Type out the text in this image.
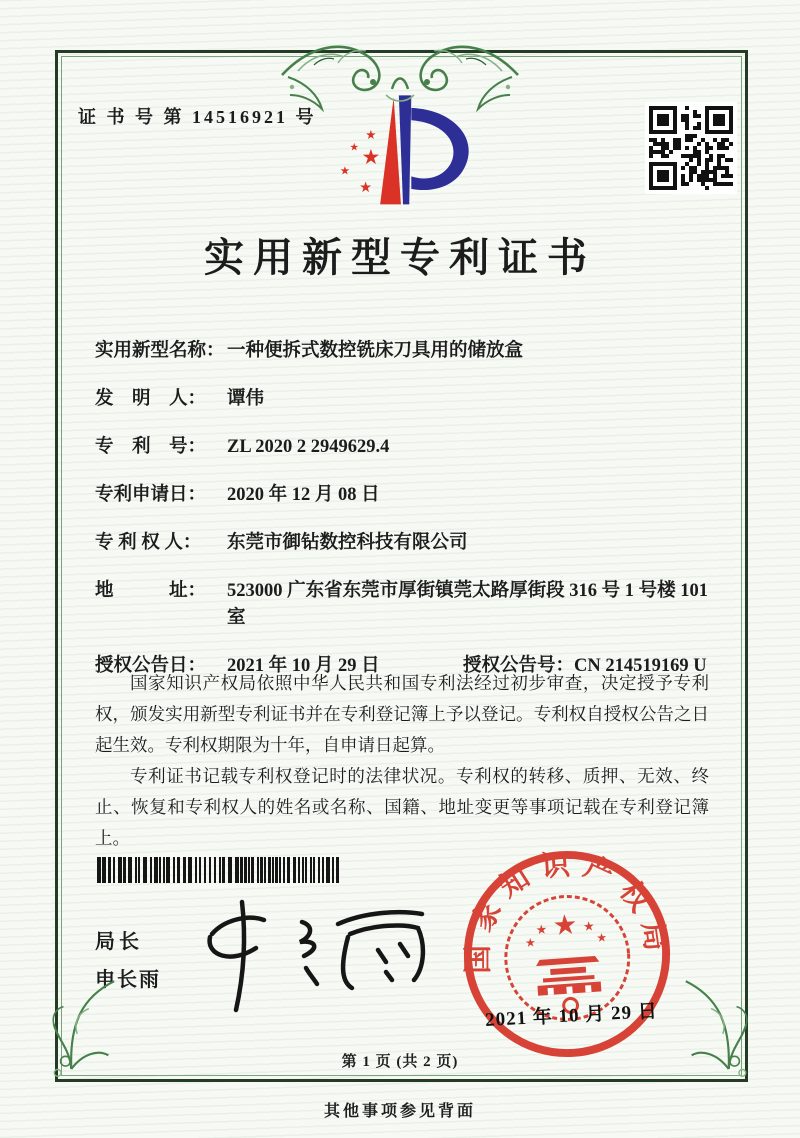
证 书 号 第 14516921 号
★
★ ★
★
★
实用新型专利证书
实用新型名称： 一种便拆式数控铣床刀具用的储放盒
发　明　人：	谭伟
专　利　号：	ZL 2020 2 2949629.4
专利申请日：	2020 年 12 月 08 日
专 利 权 人：	东莞市御钻数控科技有限公司
地　　　址：	523000 广东省东莞市厚街镇莞太路厚街段 316 号 1 号楼 101 室
授权公告日：	2021 年 10 月 29 日	授权公告号： CN 214519169 U

国家知识产权局依照中华人民共和国专利法经过初步审查，决定授予专利权，颁发实用新型专利证书并在专利登记簿上予以登记。专利权自授权公告之日起生效。专利权期限为十年，自申请日起算。

专利证书记载专利权登记时的法律状况。专利权的转移、质押、无效、终止、恢复和专利权人的姓名或名称、国籍、地址变更等事项记载在专利登记簿上。

局长
申长雨
国家知识产权局
★
★	★
★	★
2021 年 10 月 29 日
第 1 页 (共 2 页)
其他事项参见背面
